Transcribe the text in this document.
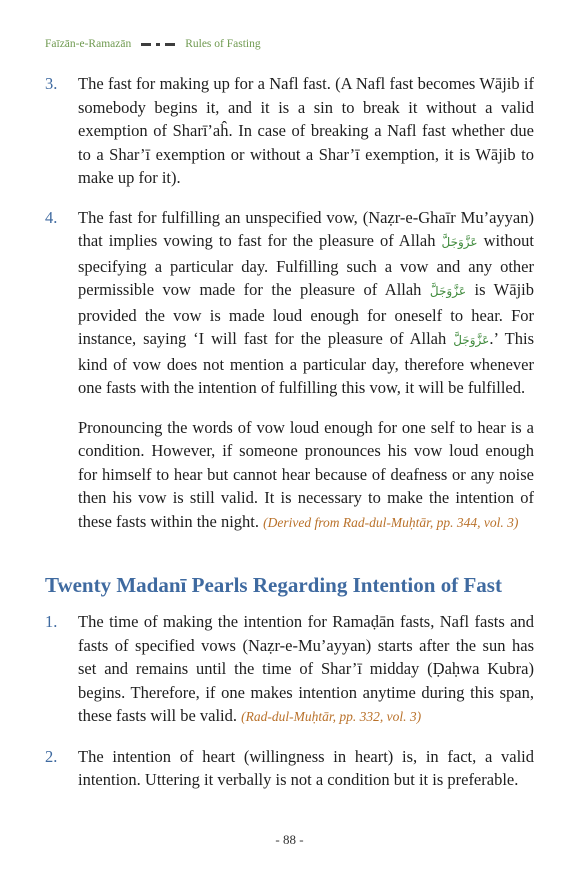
Faīzān-e-Ramazān	Rules of Fasting
3.	The fast for making up for a Nafl fast. (A Nafl fast becomes Wājib if somebody begins it, and it is a sin to break it without a valid exemption of Sharī’aĥ. In case of breaking a Nafl fast whether due to a Shar’ī exemption or without a Shar’ī exemption, it is Wājib to make up for it).
4.	The fast for fulfilling an unspecified vow, (Naẓr-e-Ghaīr Mu’ayyan) that implies vowing to fast for the pleasure of Allah عَزَّوَجَلَّ without specifying a particular day. Fulfilling such a vow and any other permissible vow made for the pleasure of Allah عَزَّوَجَلَّ is Wājib provided the vow is made loud enough for oneself to hear. For instance, saying ‘I will fast for the pleasure of Allah عَزَّوَجَلَّ.’ This kind of vow does not mention a particular day, therefore whenever one fasts with the intention of fulfilling this vow, it will be fulfilled.
Pronouncing the words of vow loud enough for one self to hear is a condition. However, if someone pronounces his vow loud enough for himself to hear but cannot hear because of deafness or any noise then his vow is still valid. It is necessary to make the intention of these fasts within the night. (Derived from Rad-dul-Muḥtār, pp. 344, vol. 3)
Twenty Madanī Pearls Regarding Intention of Fast
1.	The time of making the intention for Ramaḍān fasts, Nafl fasts and fasts of specified vows (Naẓr-e-Mu’ayyan) starts after the sun has set and remains until the time of Shar’ī midday (Ḍaḥwa Kubra) begins. Therefore, if one makes intention anytime during this span, these fasts will be valid. (Rad-dul-Muḥtār, pp. 332, vol. 3)
2.	The intention of heart (willingness in heart) is, in fact, a valid intention. Uttering it verbally is not a condition but it is preferable.
- 88 -
